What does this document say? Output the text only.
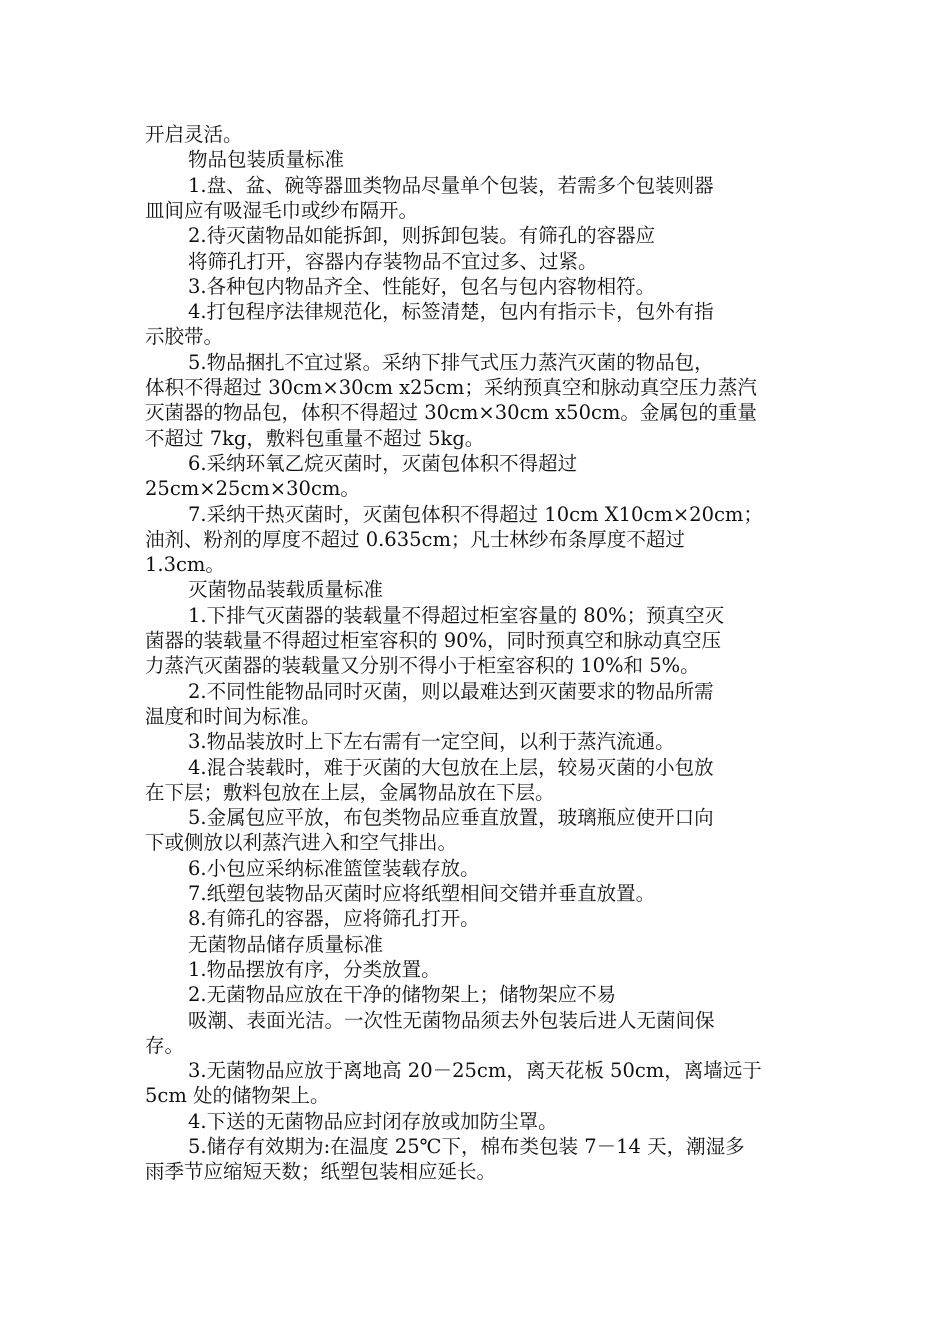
开启灵活。
物品包装质量标准
1.盘、盆、碗等器皿类物品尽量单个包装，若需多个包装则器
皿间应有吸湿毛巾或纱布隔开。
2.待灭菌物品如能拆卸，则拆卸包装。有筛孔的容器应
将筛孔打开，容器内存装物品不宜过多、过紧。
3.各种包内物品齐全、性能好，包名与包内容物相符。
4.打包程序法律规范化，标签清楚，包内有指示卡，包外有指
示胶带。
5.物品捆扎不宜过紧。采纳下排气式压力蒸汽灭菌的物品包，
体积不得超过 30cm×30cm x25cm；采纳预真空和脉动真空压力蒸汽
灭菌器的物品包，体积不得超过 30cm×30cm x50cm。金属包的重量
不超过 7kg，敷料包重量不超过 5kg。
6.采纳环氧乙烷灭菌时，灭菌包体积不得超过
25cm×25cm×30cm。
7.采纳干热灭菌时，灭菌包体积不得超过 10cm X10cm×20cm；
油剂、粉剂的厚度不超过 0.635cm；凡士林纱布条厚度不超过
1.3cm。
灭菌物品装载质量标准
1.下排气灭菌器的装载量不得超过柜室容量的 80%；预真空灭
菌器的装载量不得超过柜室容积的 90%，同时预真空和脉动真空压
力蒸汽灭菌器的装载量又分别不得小于柜室容积的 10%和 5%。
2.不同性能物品同时灭菌，则以最难达到灭菌要求的物品所需
温度和时间为标准。
3.物品装放时上下左右需有一定空间，以利于蒸汽流通。
4.混合装载时，难于灭菌的大包放在上层，较易灭菌的小包放
在下层；敷料包放在上层，金属物品放在下层。
5.金属包应平放，布包类物品应垂直放置，玻璃瓶应使开口向
下或侧放以利蒸汽进入和空气排出。
6.小包应采纳标准篮筐装载存放。
7.纸塑包装物品灭菌时应将纸塑相间交错并垂直放置。
8.有筛孔的容器，应将筛孔打开。
无菌物品储存质量标准
1.物品摆放有序，分类放置。
2.无菌物品应放在干净的储物架上；储物架应不易
吸潮、表面光洁。一次性无菌物品须去外包装后进人无菌间保
存。
3.无菌物品应放于离地高 20－25cm，离天花板 50cm，离墙远于
5cm 处的储物架上。
4.下送的无菌物品应封闭存放或加防尘罩。
5.储存有效期为:在温度 25℃下，棉布类包装 7－14 天，潮湿多
雨季节应缩短天数；纸塑包装相应延长。
